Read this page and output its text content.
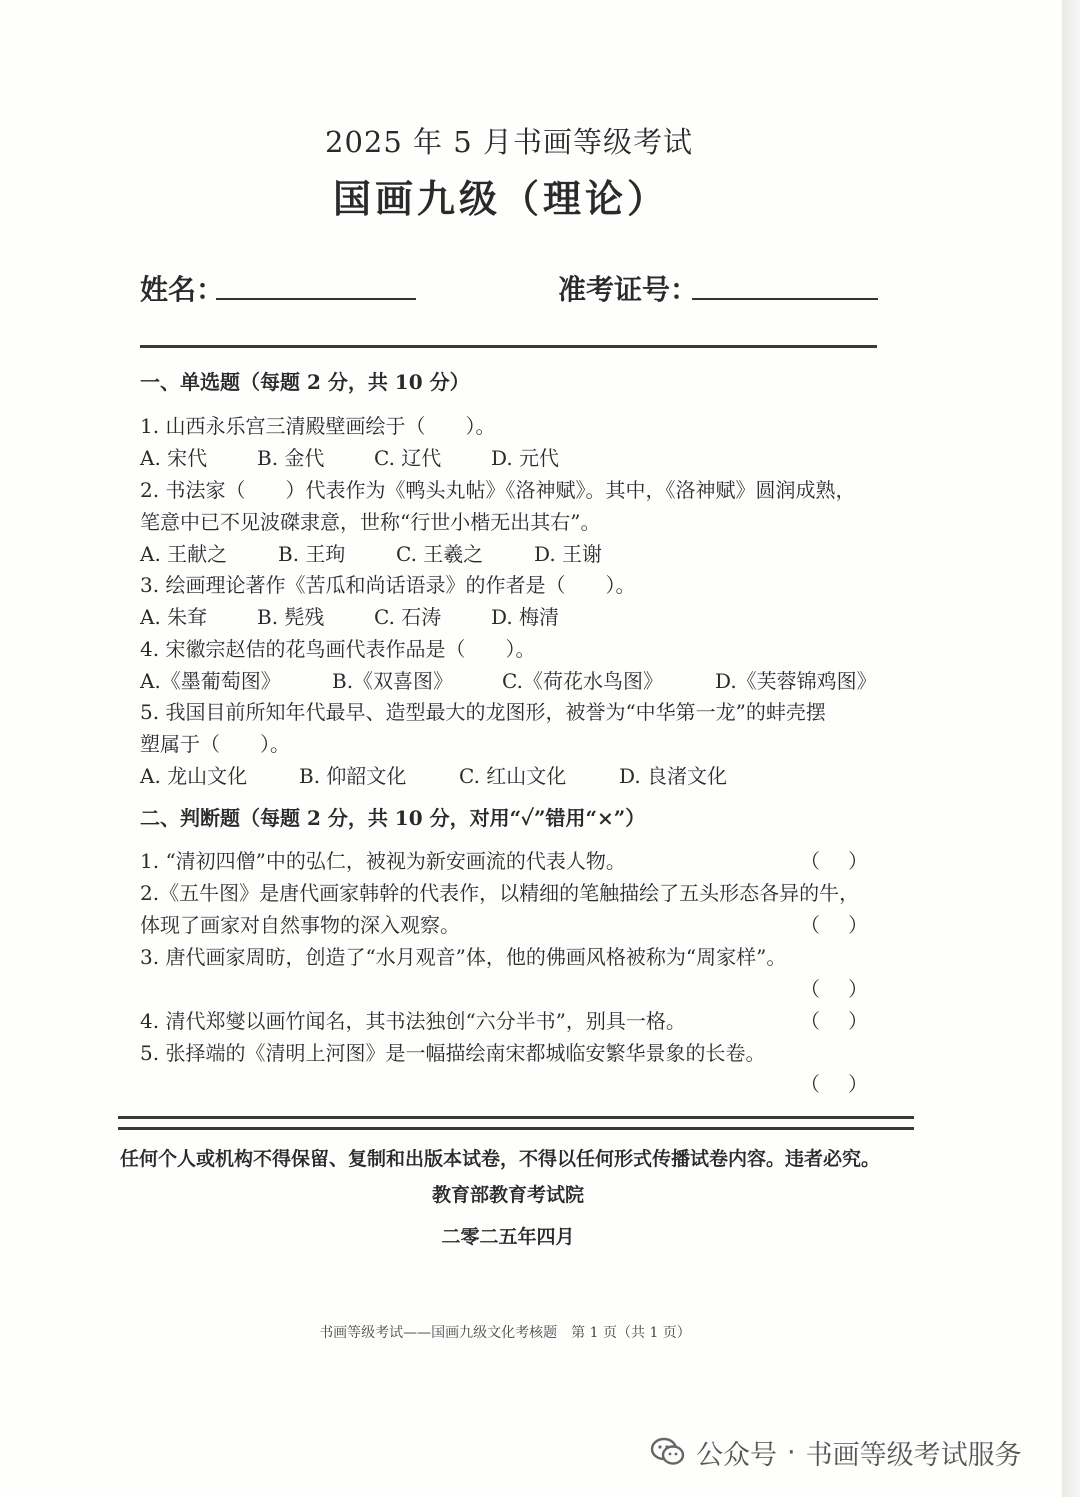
2025 年 5 月书画等级考试
国画九级（理论）
姓名：	准考证号：
一、单选题（每题 2 分，共 10 分）
1. 山西永乐宫三清殿壁画绘于（　　）。
A. 宋代 B. 金代 C. 辽代 D. 元代
2. 书法家（　　）代表作为《鸭头丸帖》《洛神赋》。其中，《洛神赋》圆润成熟，
笔意中已不见波磔隶意，世称“行世小楷无出其右”。
A. 王献之	B. 王珣	C. 王羲之	D. 王谢
3. 绘画理论著作《苦瓜和尚话语录》的作者是（　　）。
A. 朱耷 B. 髡残 C. 石涛 D. 梅清
4. 宋徽宗赵佶的花鸟画代表作品是（　　）。
A.《墨葡萄图》	B.《双喜图》 C.《荷花水鸟图》	D.《芙蓉锦鸡图》
5. 我国目前所知年代最早、造型最大的龙图形，被誉为“中华第一龙”的蚌壳摆
塑属于（　　）。
A. 龙山文化	B. 仰韶文化	C. 红山文化	D. 良渚文化
二、判断题（每题 2 分，共 10 分，对用“✓”错用“×”）
1. “清初四僧”中的弘仁，被视为新安画流的代表人物。	（ ）
2.《五牛图》是唐代画家韩幹的代表作，以精细的笔触描绘了五头形态各异的牛，
体现了画家对自然事物的深入观察。	（ ）
3. 唐代画家周昉，创造了“水月观音”体，他的佛画风格被称为“周家样”。
（ ）
4. 清代郑燮以画竹闻名，其书法独创“六分半书”，别具一格。	（ ）
5. 张择端的《清明上河图》是一幅描绘南宋都城临安繁华景象的长卷。
（ ）
任何个人或机构不得保留、复制和出版本试卷，不得以任何形式传播试卷内容。违者必究。
教育部教育考试院
二零二五年四月
书画等级考试——国画九级文化考核题　第 1 页（共 1 页）
公众号 · 书画等级考试服务
